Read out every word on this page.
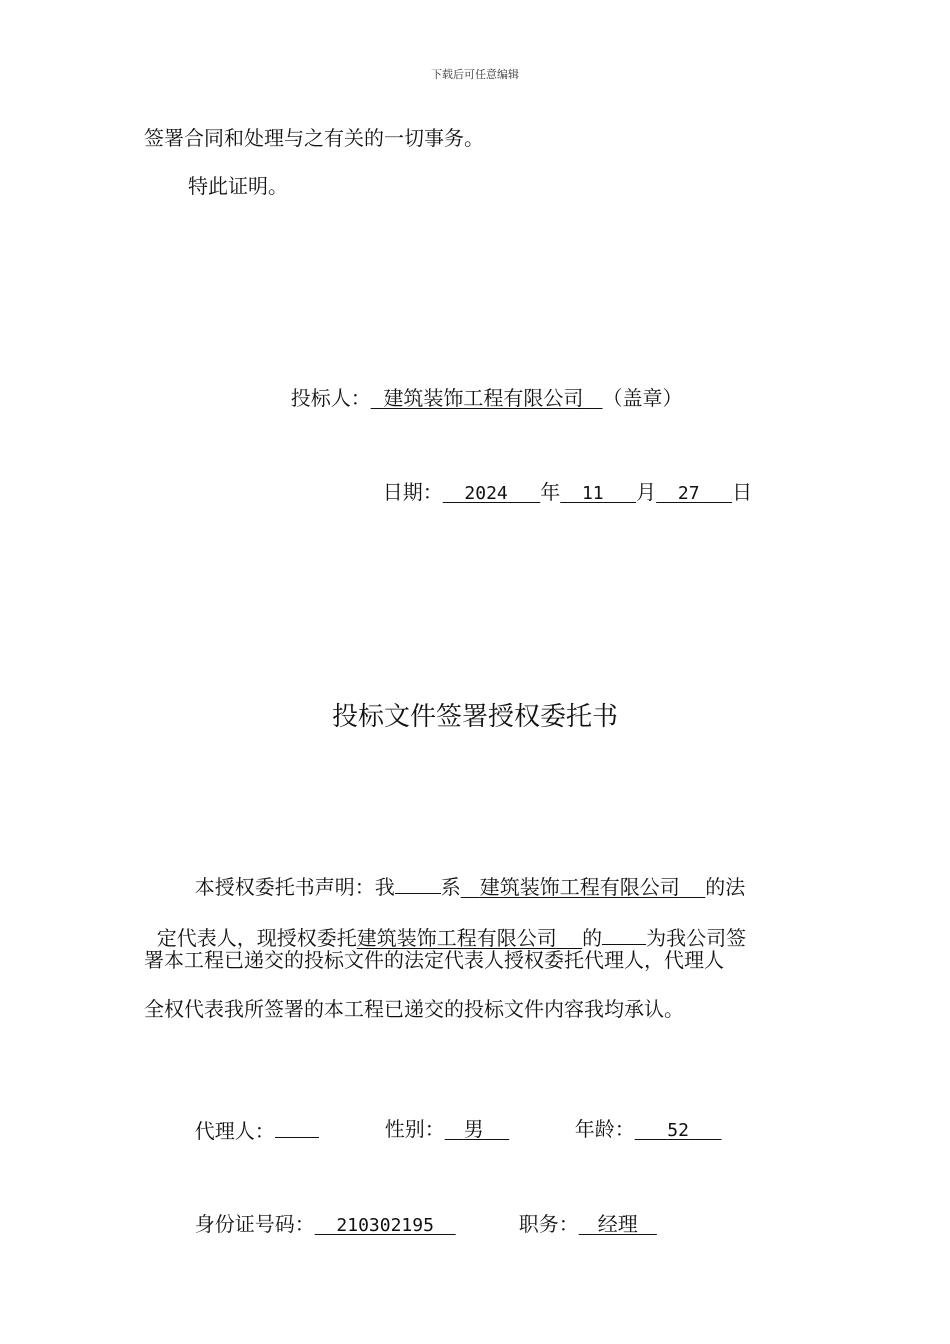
下载后可任意编辑
签署合同和处理与之有关的一切事务。
特此证明。

投标人： 建筑装饰工程有限公司 （盖章）

日期： 2024 年 11 月 27 日

投标文件签署授权委托书

本授权委托书声明：我 系 建筑装饰工程有限公司 的法

定代表人，现授权委托建筑装饰工程有限公司 的 为我公司签

署本工程已递交的投标文件的法定代表人授权委托代理人，代理人
全权代表我所签署的本工程已递交的投标文件内容我均承认。

代理人：	性别： 男	年龄： 52

身份证号码： 210302195	职务： 经理
